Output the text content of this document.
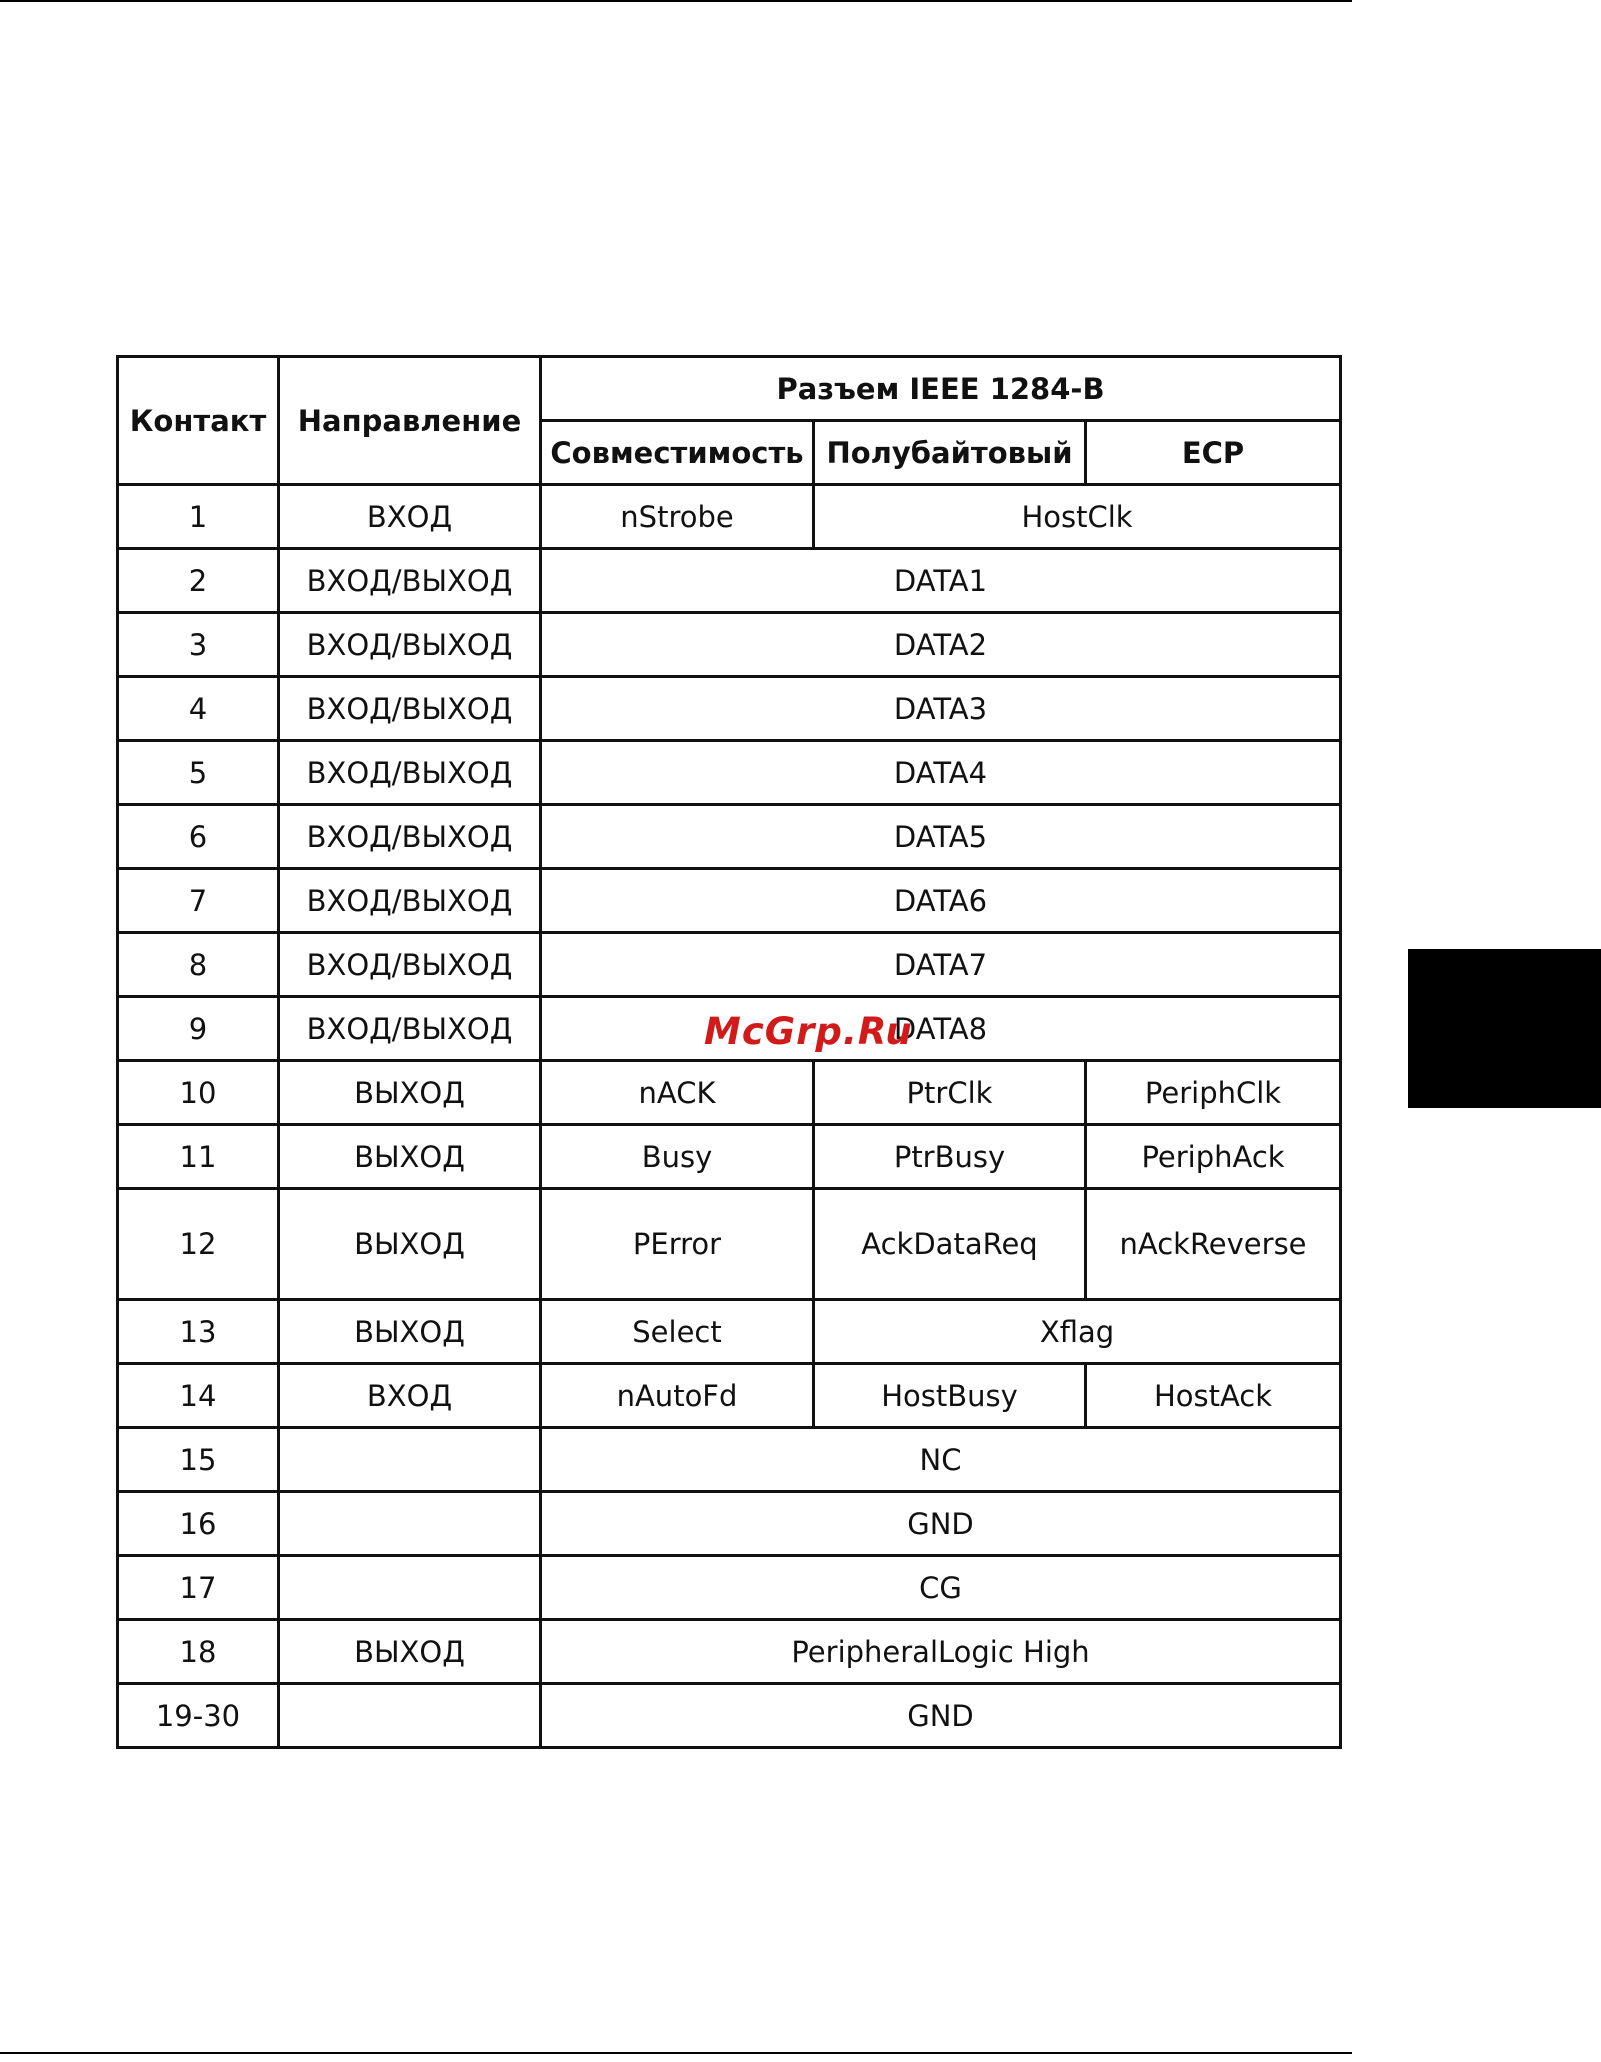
McGrp.Ru
Контакт	Направление	Разъем IEEE 1284-B		
		Совместимость	Полубайтовый	ECP
1	ВХОД	nStrobe	HostClk	
2	ВХОД/ВЫХОД	DATA1		
3	ВХОД/ВЫХОД	DATA2		
4	ВХОД/ВЫХОД	DATA3		
5	ВХОД/ВЫХОД	DATA4		
6	ВХОД/ВЫХОД	DATA5		
7	ВХОД/ВЫХОД	DATA6		
8	ВХОД/ВЫХОД	DATA7		
9	ВХОД/ВЫХОД	DATA8		
10	ВЫХОД	nACK	PtrClk	PeriphClk
11	ВЫХОД	Busy	PtrBusy	PeriphAck
12	ВЫХОД	PError	AckDataReq	nAckReverse
13	ВЫХОД	Select	Xflag	
14	ВХОД	nAutoFd	HostBusy	HostAck
15		NC		
16		GND		
17		CG		
18	ВЫХОД	PeripheralLogic High		
19-30		GND		
